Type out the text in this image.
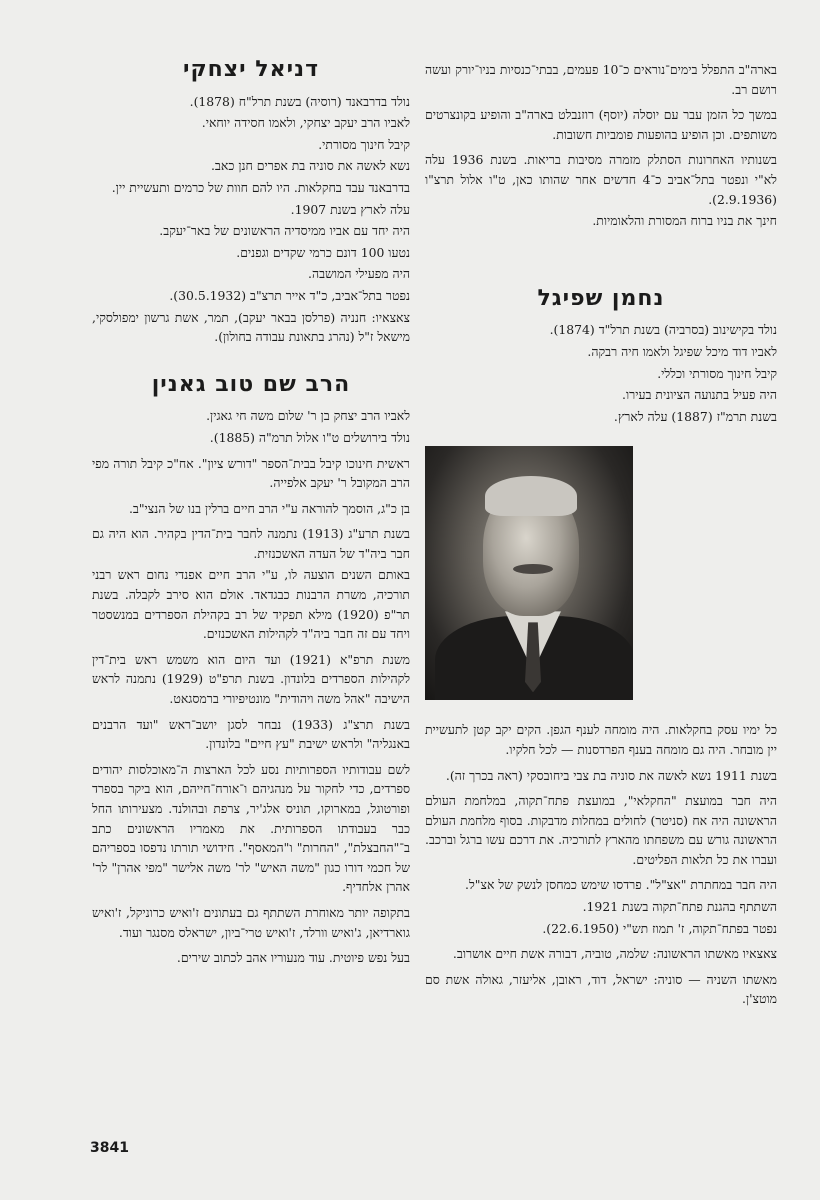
בארה"ב התפלל בימים־נוראים כ־10 פעמים, בבתי־כנסיות בניו־יורק ועשה רושם רב.

במשך כל הזמן עבר עם יוסלה (יוסף) רוזנבלט בארה"ב והופיע בקונצרטים משותפים. וכן הופיע בהופעות פומביות חשובות.

בשנותיו האחרונות הסתלק מזמרה מסיבות בריאות. בשנת 1936 עלה לא"י ונפטר בתל־אביב כ־4 חדשים אחר שהותו כאן, ט"ו אלול תרצ"ו (2.9.1936).

חינך את בניו ברוח המסורת והלאומיות.

נחמן שפיגל

נולד בקישינוב (בסרביה) בשנת תרל"ד (1874).

לאביו דוד מיכל שפיגל ולאמו חיה רבקה.

קיבל חינוך מסורתי וכללי.

היה פעיל בתנועה הציונית בעירו.

בשנת תרמ"ז (1887) עלה לארץ.

כל ימיו עסק בחקלאות. היה מומחה לענף הגפן. הקים יקב קטן לתעשיית יין מובחר. היה גם מומחה בענף הפרדסנות — לכל חלקיו.

בשנת 1911 נשא לאשה את סוניה בת צבי ביחובסקי (ראה בכרך זה).

היה חבר במועצת "החקלאי", במועצת פתח־תקוה, במלחמת העולם הראשונה היה אח (סניטר) לחולים במחלות מדבקות. בסוף מלחמת העולם הראשונה גורש עם משפחתו מהארץ לתורכיה. את דרכם עשו ברגל וברכב. ועברו את כל תלאות הפליטים.

היה חבר במחתרת "אצ"ל". פרדסו שימש כמחסן לנשק של אצ"ל.

השתתף בהגנת פתח־תקוה בשנת 1921.

נפטר בפתח־תקוה, ז' תמוז תש"י (22.6.1950).

צאצאיו מאשתו הראשונה: שלמה, טוביה, דבורה אשת חיים אושרוב.

מאשתו השניה — סוניה: ישראל, דוד, ראובן, אליעזר, גאולה אשת סם מוטצ'ן.

דניאל יצחקי

נולד בדרבאנד (רוסיה) בשנת תרל"ח (1878).

לאביו הרב יעקב יצחקי, ולאמו חסידה יוחאי.

קיבל חינוך מסורתי.

נשא לאשה את סוניה בת אפרים חנן כאב.

בדרבאנד עבד בחקלאות. היו להם חוות של כרמים ותעשיית יין.

עלה לארץ בשנת 1907.

היה יחד עם אביו ממיסדיה הראשונים של באר־יעקב.

נטעו 100 דונם כרמי שקדים וגפנים.

היה מפעילי המושבה.

נפטר בתל־אביב, כ"ד אייר תרצ"ב (30.5.1932).

צאצאיו: חנניה (פרלסן בבאר יעקב), תמר, אשת גרשון ימפולסקי, מישאל ז"ל (נהרג בתאונת עבודה בחולון).

הרב שם טוב גאנין

לאביו הרב יצחק בן ר' שלום משה חי גאגין.

נולד בירושלים ט"ו אלול תרמ"ה (1885).

ראשית חינוכו קיבל בבית־הספר "דורש ציון". אח"כ קיבל תורה מפי הרב המקובל ר' יעקב אלפייה.

בן כ"ג, הוסמך להוראה ע"י הרב חיים ברלין בנו של הנצי"ב.

בשנת תרע"ג (1913) נתמנה לחבר בית־הדין בקהיר. הוא היה גם חבר ביה"ד של העדה האשכנזית.

באותם השנים הוצעה לו, ע"י הרב חיים אפנדי נחום ראש רבני תורכיה, משרת הרבנות כבגדאד. אולם הוא סירב לקבלה. בשנת תר"פ (1920) מילא תפקיד של רב בקהילת הספרדים במנשסטר ויחד עם זה חבר ביה"ד לקהילות האשכנזים.

משנת תרפ"א (1921) ועד היום הוא משמש ראש בית־דין לקהילות הספרדים בלונדון. בשנת תרפ"ט (1929) נתמנה לראש הישיבה "אהל משה ויהודית" מונטיפיורי ברמסגאט.

בשנת תרצ"ג (1933) נבחר לסגן יושב־ראש "ועד הרבנים באנגליה" ולראש ישיבת "עץ חיים" בלונדון.

לשם עבודותיו הספרותיות נסע לכל הארצות ה־מאוכלסות יהודים ספרדים, כדי לחקור על מנהגיהם ו־אורח־חייהם, הוא ביקר בספרד ופורטוגל, במארוקו, תוניס אלג'יר, צרפת ובהולנד. מצעירותו החל כבר בעבודתו הספרותית. את מאמריו הראשונים כתב ב־"החבצלת", "החרות" ו"המאסף". חידושי תורתו נדפסו בספריהם של חכמי דורו כגון "משה האיש" לר' משה אלישר "מפי אהרן" לר' אהרן אלחדיף.

בתקופה יותר מאוחרת השתתף גם בעתונים ז'ואיש כרוניקל, ז'ואיש גוארדיאן, ג'ואיש וורלד, ז'ואיש טרי־ביון, ישראלס מסנגר ועוד.

בעל נפש פיוטית. עוד מנעוריו אהב לכתוב שירים.

3841
